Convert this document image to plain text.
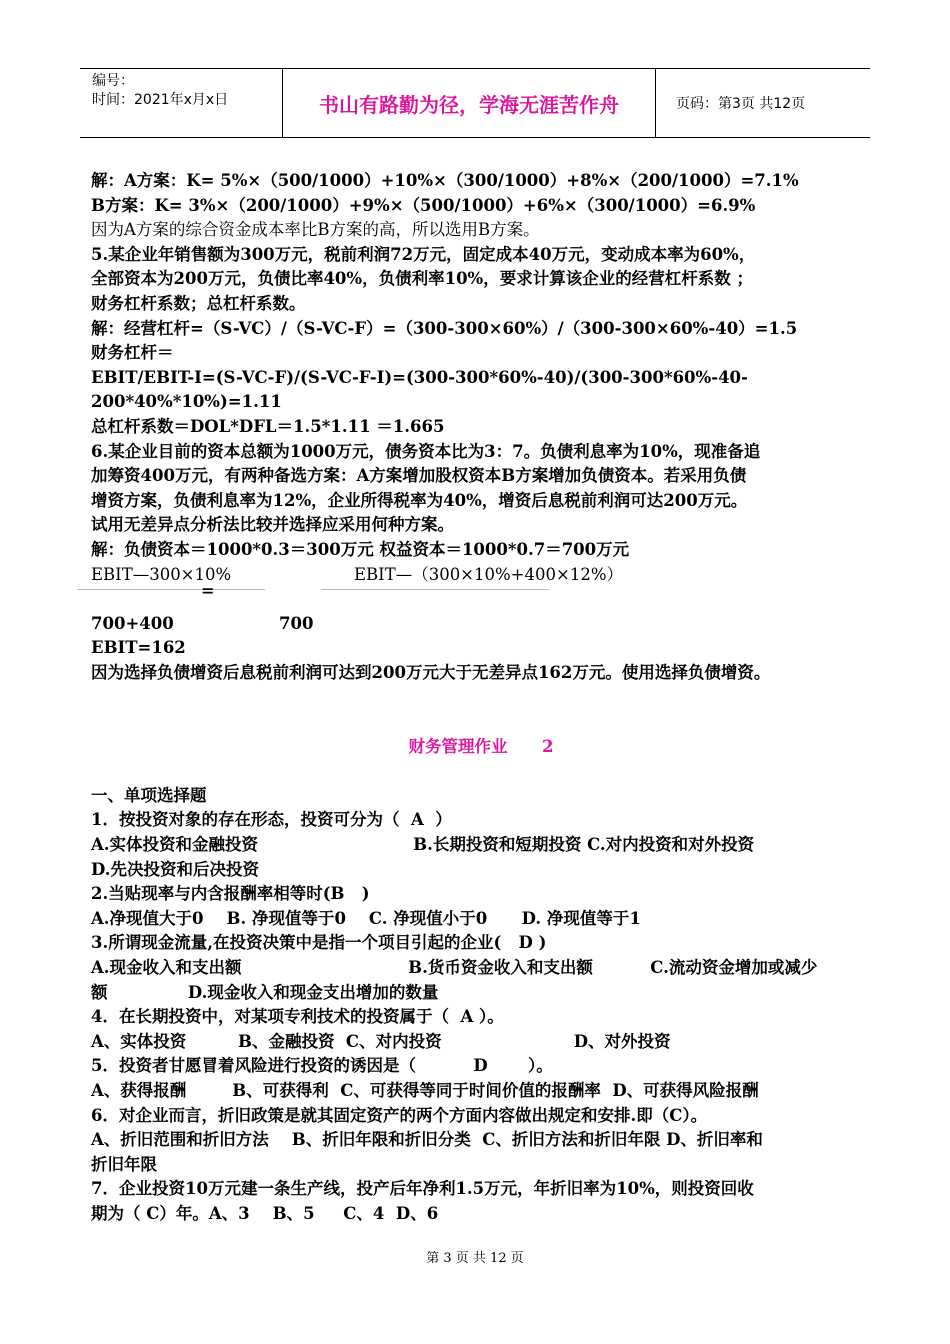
编号：
时间：2021年x月x日	书山有路勤为径，学海无涯苦作舟	页码：第3页 共12页
解：A方案：K= 5%×（500/1000）+10%×（300/1000）+8%×（200/1000）=7.1%
B方案：K= 3%×（200/1000）+9%×（500/1000）+6%×（300/1000）=6.9%
因为A方案的综合资金成本率比B方案的高，所以选用B方案。
5.某企业年销售额为300万元，税前利润72万元，固定成本40万元，变动成本率为60%，
全部资本为200万元，负债比率40%，负债利率10%，要求计算该企业的经营杠杆系数 ；
财务杠杆系数；总杠杆系数。
解：经营杠杆=（S-VC）/（S-VC-F）=（300-300×60%）/（300-300×60%-40）=1.5
财务杠杆＝
EBIT/EBIT-I=(S-VC-F)/(S-VC-F-I)=(300-300*60%-40)/(300-300*60%-40-
200*40%*10%)=1.11
总杠杆系数＝DOL*DFL＝1.5*1.11 ＝1.665
6.某企业目前的资本总额为1000万元，债务资本比为3：7。负债利息率为10%，现准备追
加筹资400万元，有两种备选方案：A方案增加股权资本B方案增加负债资本。若采用负债
增资方案，负债利息率为12%，企业所得税率为40%，增资后息税前利润可达200万元。
试用无差异点分析法比较并选择应采用何种方案。
解：负债资本＝1000*0.3＝300万元 权益资本＝1000*0.7＝700万元
EBIT—300×10%	EBIT—（300×10%+400×12%）
=
700+400	700
EBIT=162
因为选择负债增资后息税前利润可达到200万元大于无差异点162万元。使用选择负债增资。
财务管理作业      2
一、单项选择题
1．按投资对象的存在形态，投资可分为（  A  ）
A.实体投资和金融投资                           B.长期投资和短期投资 C.对内投资和对外投资
D.先决投资和后决投资
2.当贴现率与内含报酬率相等时(B   )
A.净现值大于0    B. 净现值等于0    C. 净现值小于0      D. 净现值等于1
3.所谓现金流量,在投资决策中是指一个项目引起的企业(   D )
A.现金收入和支出额                             B.货币资金收入和支出额          C.流动资金增加或减少
额              D.现金收入和现金支出增加的数量
4．在长期投资中，对某项专利技术的投资属于（  A ）。
A、实体投资         B、金融投资  C、对内投资                       D、对外投资
5．投资者甘愿冒着风险进行投资的诱因是（          D       ）。
A、获得报酬        B、可获得利  C、可获得等同于时间价值的报酬率  D、可获得风险报酬
6．对企业而言，折旧政策是就其固定资产的两个方面内容做出规定和安排.即（C）。
A、折旧范围和折旧方法    B、折旧年限和折旧分类  C、折旧方法和折旧年限 D、折旧率和
折旧年限
7．企业投资10万元建一条生产线，投产后年净利1.5万元，年折旧率为10%，则投资回收
期为（ C）年。A、3    B、5     C、4  D、6
第 3 页 共 12 页
